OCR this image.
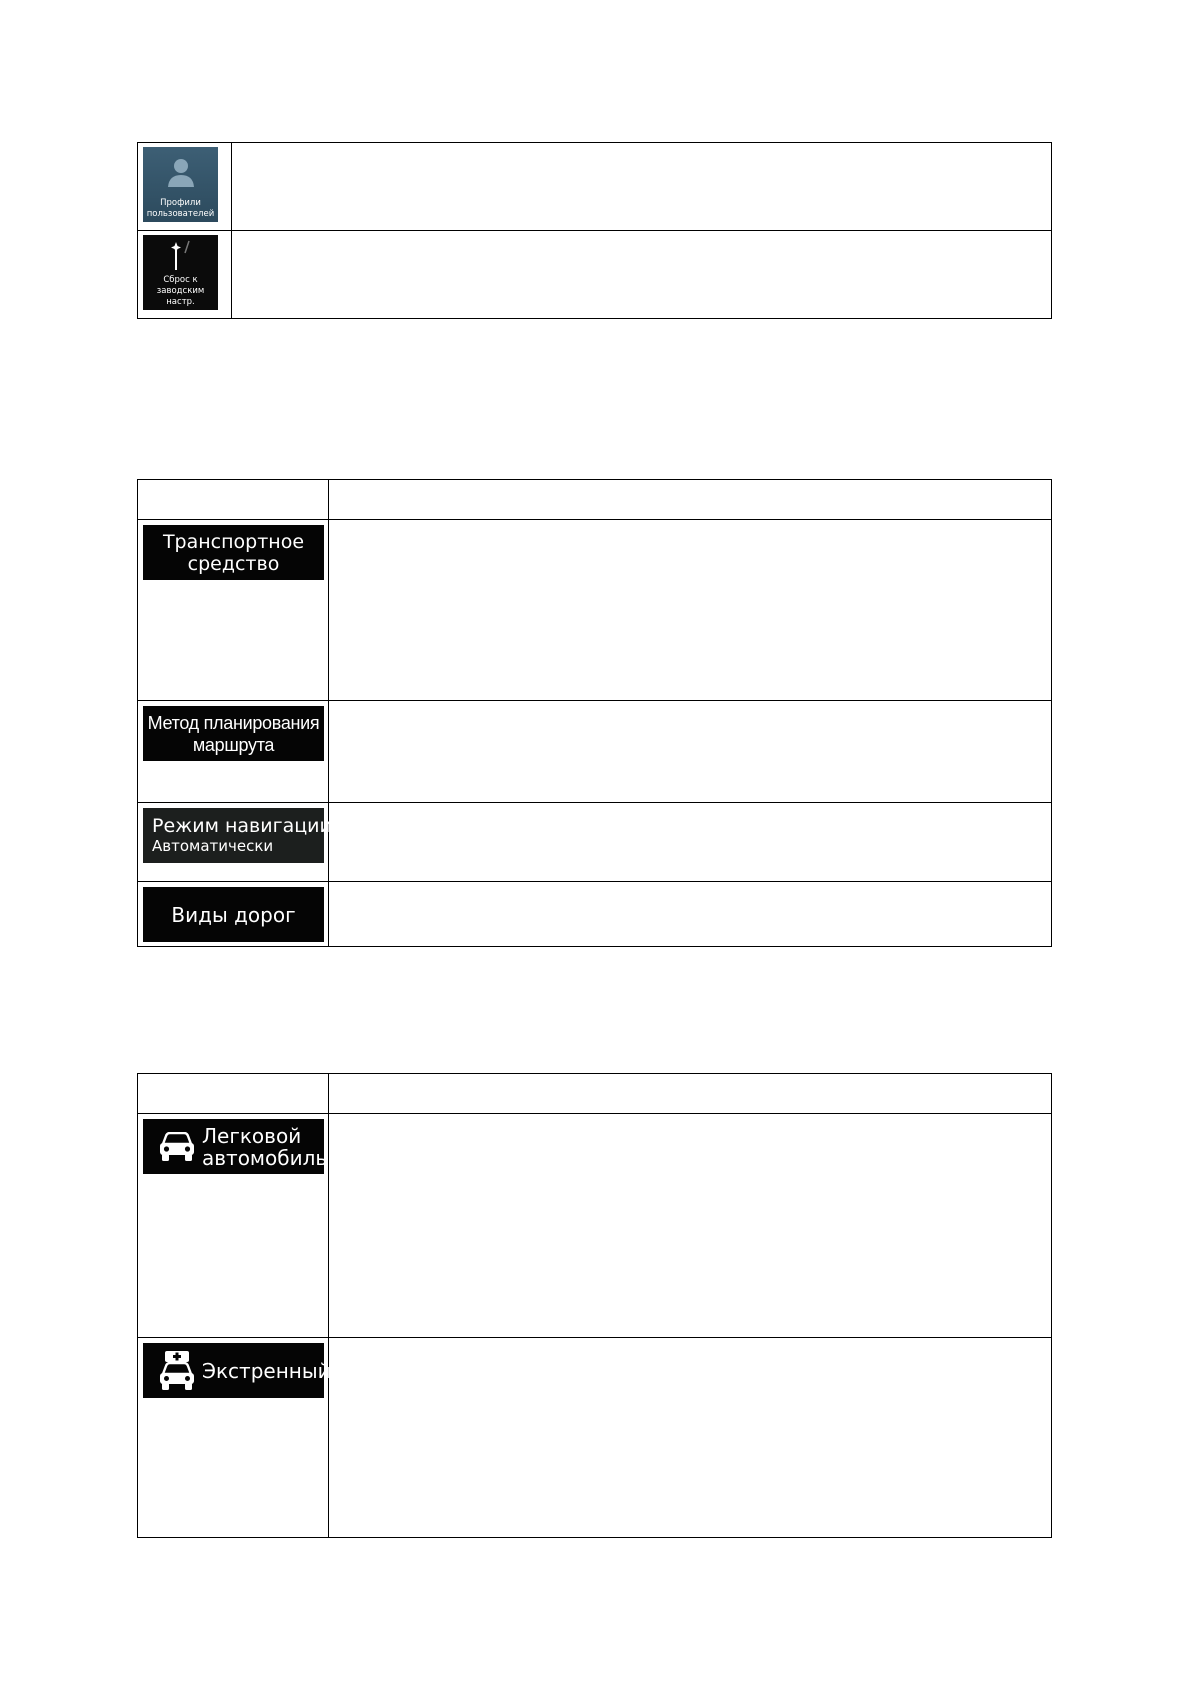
Профили
пользователей	

Сброс к
заводским настр.	

Транспортное
средство	

Метод планирования
маршрута	

Режим навигации
Автоматически	

Виды дорог	

Легковой
автомобиль	

Экстренный	
